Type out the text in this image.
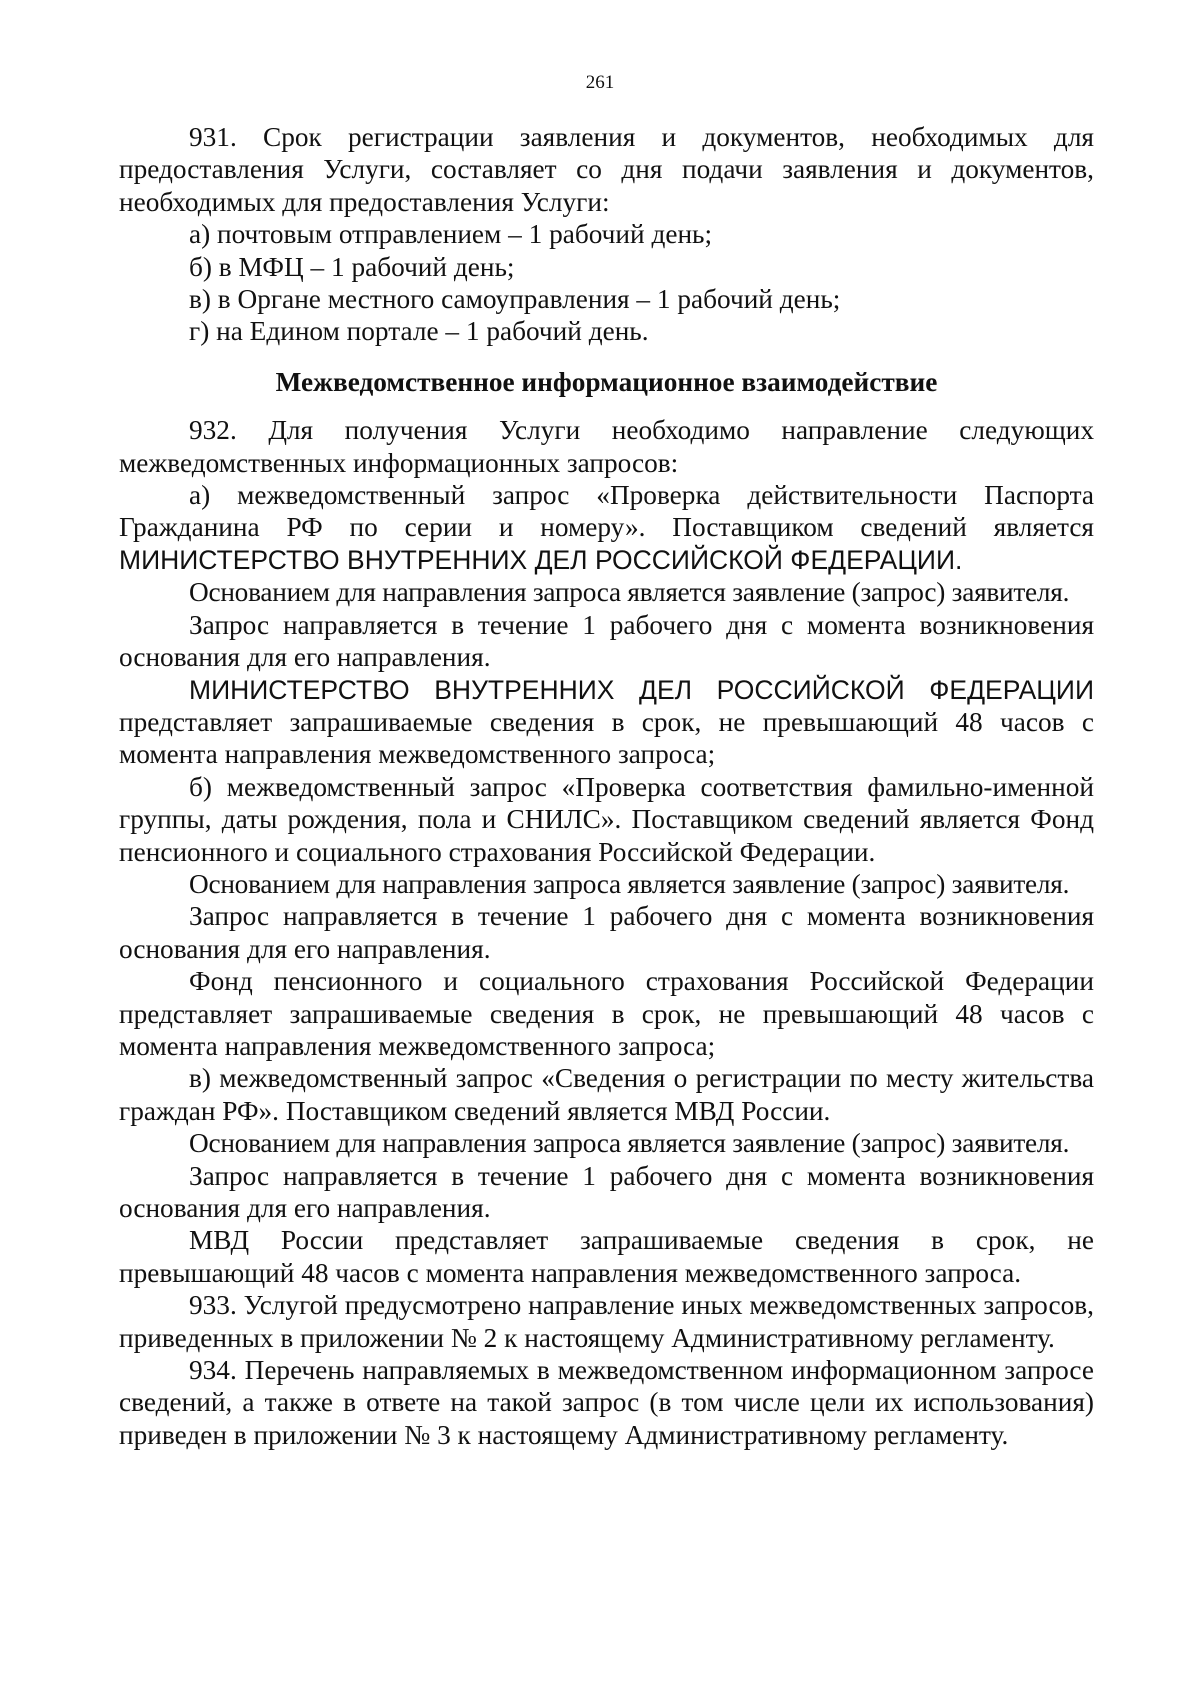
261

931. Срок регистрации заявления и документов, необходимых для предоставления Услуги, составляет со дня подачи заявления и документов, необходимых для предоставления Услуги:

а) почтовым отправлением – 1 рабочий день;

б) в МФЦ – 1 рабочий день;

в) в Органе местного самоуправления – 1 рабочий день;

г) на Едином портале – 1 рабочий день.

Межведомственное информационное взаимодействие

932. Для получения Услуги необходимо направление следующих межведомственных информационных запросов:

а) межведомственный запрос «Проверка действительности Паспорта Гражданина РФ по серии и номеру». Поставщиком сведений является МИНИСТЕРСТВО ВНУТРЕННИХ ДЕЛ РОССИЙСКОЙ ФЕДЕРАЦИИ.

Основанием для направления запроса является заявление (запрос) заявителя.

Запрос направляется в течение 1 рабочего дня с момента возникновения основания для его направления.

МИНИСТЕРСТВО ВНУТРЕННИХ ДЕЛ РОССИЙСКОЙ ФЕДЕРАЦИИ представляет запрашиваемые сведения в срок, не превышающий 48 часов с момента направления межведомственного запроса;

б) межведомственный запрос «Проверка соответствия фамильно-именной группы, даты рождения, пола и СНИЛС». Поставщиком сведений является Фонд пенсионного и социального страхования Российской Федерации.

Основанием для направления запроса является заявление (запрос) заявителя.

Запрос направляется в течение 1 рабочего дня с момента возникновения основания для его направления.

Фонд пенсионного и социального страхования Российской Федерации представляет запрашиваемые сведения в срок, не превышающий 48 часов с момента направления межведомственного запроса;

в) межведомственный запрос «Сведения о регистрации по месту жительства граждан РФ». Поставщиком сведений является МВД России.

Основанием для направления запроса является заявление (запрос) заявителя.

Запрос направляется в течение 1 рабочего дня с момента возникновения основания для его направления.

МВД России представляет запрашиваемые сведения в срок, не превышающий 48 часов с момента направления межведомственного запроса.

933. Услугой предусмотрено направление иных межведомственных запросов, приведенных в приложении № 2 к настоящему Административному регламенту.

934. Перечень направляемых в межведомственном информационном запросе сведений, а также в ответе на такой запрос (в том числе цели их использования) приведен в приложении № 3 к настоящему Административному регламенту.
